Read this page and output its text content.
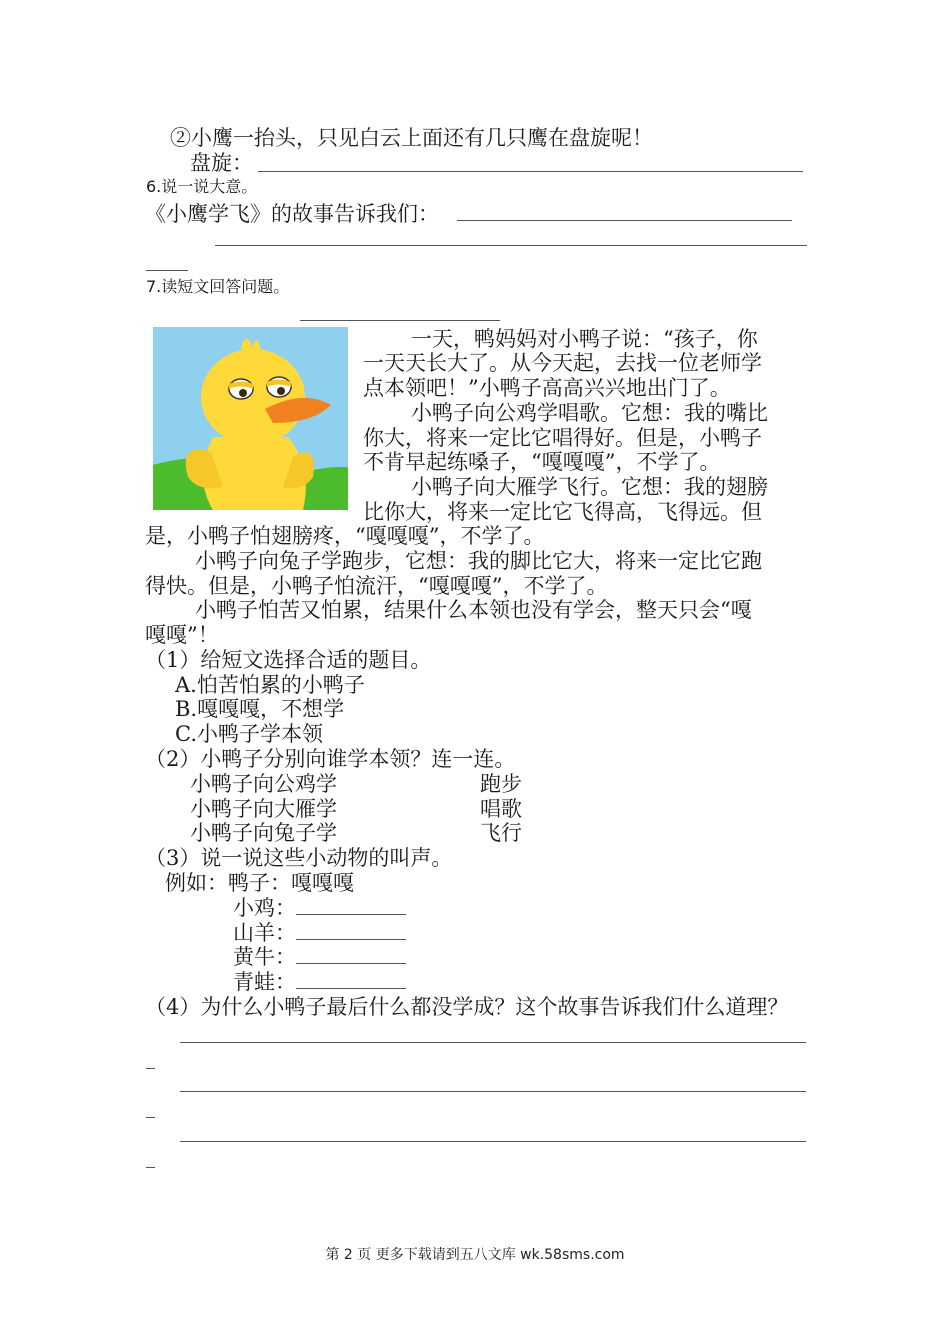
②小鹰一抬头，只见白云上面还有几只鹰在盘旋呢！
盘旋：
6.说一说大意。
《小鹰学飞》的故事告诉我们：
7.读短文回答问题。
一天，鸭妈妈对小鸭子说：“孩子，你
一天天长大了。从今天起，去找一位老师学
点本领吧！”小鸭子高高兴兴地出门了。
小鸭子向公鸡学唱歌。它想：我的嘴比
你大，将来一定比它唱得好。但是，小鸭子
不肯早起练嗓子，“嘎嘎嘎”，不学了。
小鸭子向大雁学飞行。它想：我的翅膀
比你大，将来一定比它飞得高，飞得远。但
是，小鸭子怕翅膀疼，“嘎嘎嘎”，不学了。
小鸭子向兔子学跑步，它想：我的脚比它大，将来一定比它跑
得快。但是，小鸭子怕流汗，“嘎嘎嘎”，不学了。
小鸭子怕苦又怕累，结果什么本领也没有学会，整天只会“嘎
嘎嘎”！
（1）给短文选择合适的题目。
A.怕苦怕累的小鸭子
B.嘎嘎嘎，不想学
C.小鸭子学本领
（2）小鸭子分别向谁学本领？连一连。
小鸭子向公鸡学
小鸭子向大雁学
小鸭子向兔子学
跑步
唱歌
飞行
（3）说一说这些小动物的叫声。
例如：鸭子：嘎嘎嘎
小鸡：
山羊：
黄牛：
青蛙：
（4）为什么小鸭子最后什么都没学成？这个故事告诉我们什么道理？
第 2 页 更多下载请到五八文库 wk.58sms.com
